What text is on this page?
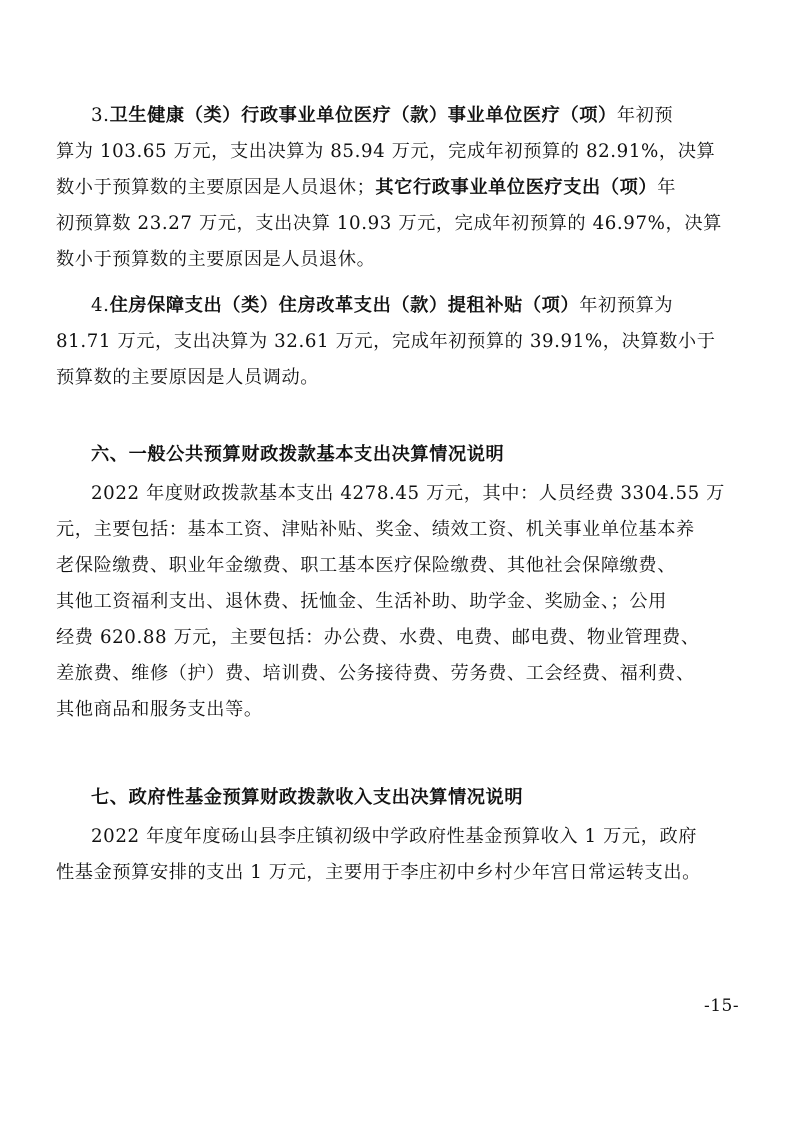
3.卫生健康（类）行政事业单位医疗（款）事业单位医疗（项）年初预
算为 103.65 万元，支出决算为 85.94 万元，完成年初预算的 82.91%，决算
数小于预算数的主要原因是人员退休；其它行政事业单位医疗支出（项）年
初预算数 23.27 万元，支出决算 10.93 万元，完成年初预算的 46.97%，决算
数小于预算数的主要原因是人员退休。
4.住房保障支出（类）住房改革支出（款）提租补贴（项）年初预算为
81.71 万元，支出决算为 32.61 万元，完成年初预算的 39.91%，决算数小于
预算数的主要原因是人员调动。
六、一般公共预算财政拨款基本支出决算情况说明
2022 年度财政拨款基本支出 4278.45 万元，其中：人员经费 3304.55 万
元，主要包括：基本工资、津贴补贴、奖金、绩效工资、机关事业单位基本养
老保险缴费、职业年金缴费、职工基本医疗保险缴费、其他社会保障缴费、
其他工资福利支出、退休费、抚恤金、生活补助、助学金、奖励金、；公用
经费 620.88 万元，主要包括：办公费、水费、电费、邮电费、物业管理费、
差旅费、维修（护）费、培训费、公务接待费、劳务费、工会经费、福利费、
其他商品和服务支出等。
七、政府性基金预算财政拨款收入支出决算情况说明
2022 年度年度砀山县李庄镇初级中学政府性基金预算收入 1 万元，政府
性基金预算安排的支出 1 万元，主要用于李庄初中乡村少年宫日常运转支出。
-15-
